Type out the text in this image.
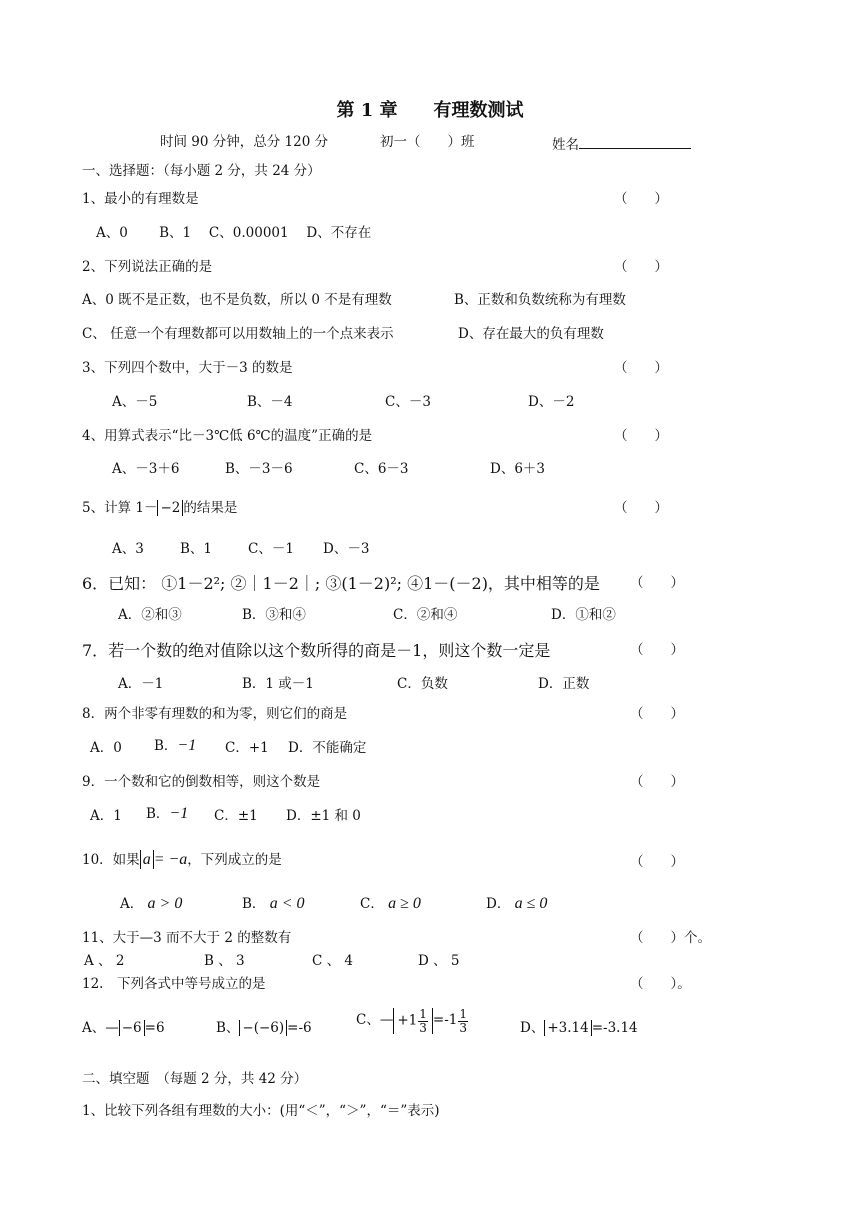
第 1 章　　有理数测试
时间 90 分钟，总分 120 分	初一（　　）班	姓名
一、选择题：（每小题 2 分，共 24 分）
1、最小的有理数是	（　　）
A、0　　 B、1　 C、0.00001　 D、不存在
2、下列说法正确的是	（　　）
A、0 既不是正数，也不是负数，所以 0 不是有理数	B、正数和负数统称为有理数
C、 任意一个有理数都可以用数轴上的一个点来表示	D、存在最大的负有理数
3、下列四个数中，大于－3 的数是	（　　）
A、－5	B、－4	C、－3	D、－2
4、用算式表示“比－3℃低 6℃的温度”正确的是	（　　）
A、－3＋6	B、－3－6	C、6－3	D、6＋3
5、计算 1－ −2 的结果是	（　　）
A、3	B、1	C、－1 D、－3
6．已知： ①1－2²; ②｜1－2｜; ③(1－2)²; ④1－(－2)，其中相等的是 （　　）
A．②和③	B．③和④	C．②和④	D．①和②
7．若一个数的绝对值除以这个数所得的商是－1，则这个数一定是	（　　）
A．－1	B．1 或－1	C．负数	D．正数
8．两个非零有理数的和为零，则它们的商是	（　　）
A．0 B．−1 C．+1 D．不能确定
9．一个数和它的倒数相等，则这个数是	（　　）
A．1 B．−1 C．±1 D．±1 和 0
10．如果 a = −a，下列成立的是	（　　）
A． a > 0	B． a < 0	C． a ≥ 0	D． a ≤ 0
11、大于—3 而不大于 2 的整数有	（　　）个。
A 、 2	B 、 3	C 、 4	D 、 5
12.　下列各式中等号成立的是	（　　）。
A、— −6 =6	B、 −(−6) =-6	C、— $+1 \frac{1}{3} =-1 \frac{1}{3}$	D、 +3.14 =-3.14
二、填空题　（每题 2 分，共 42 分）
1、比较下列各组有理数的大小：(用“＜”，“＞”，“＝”表示)
